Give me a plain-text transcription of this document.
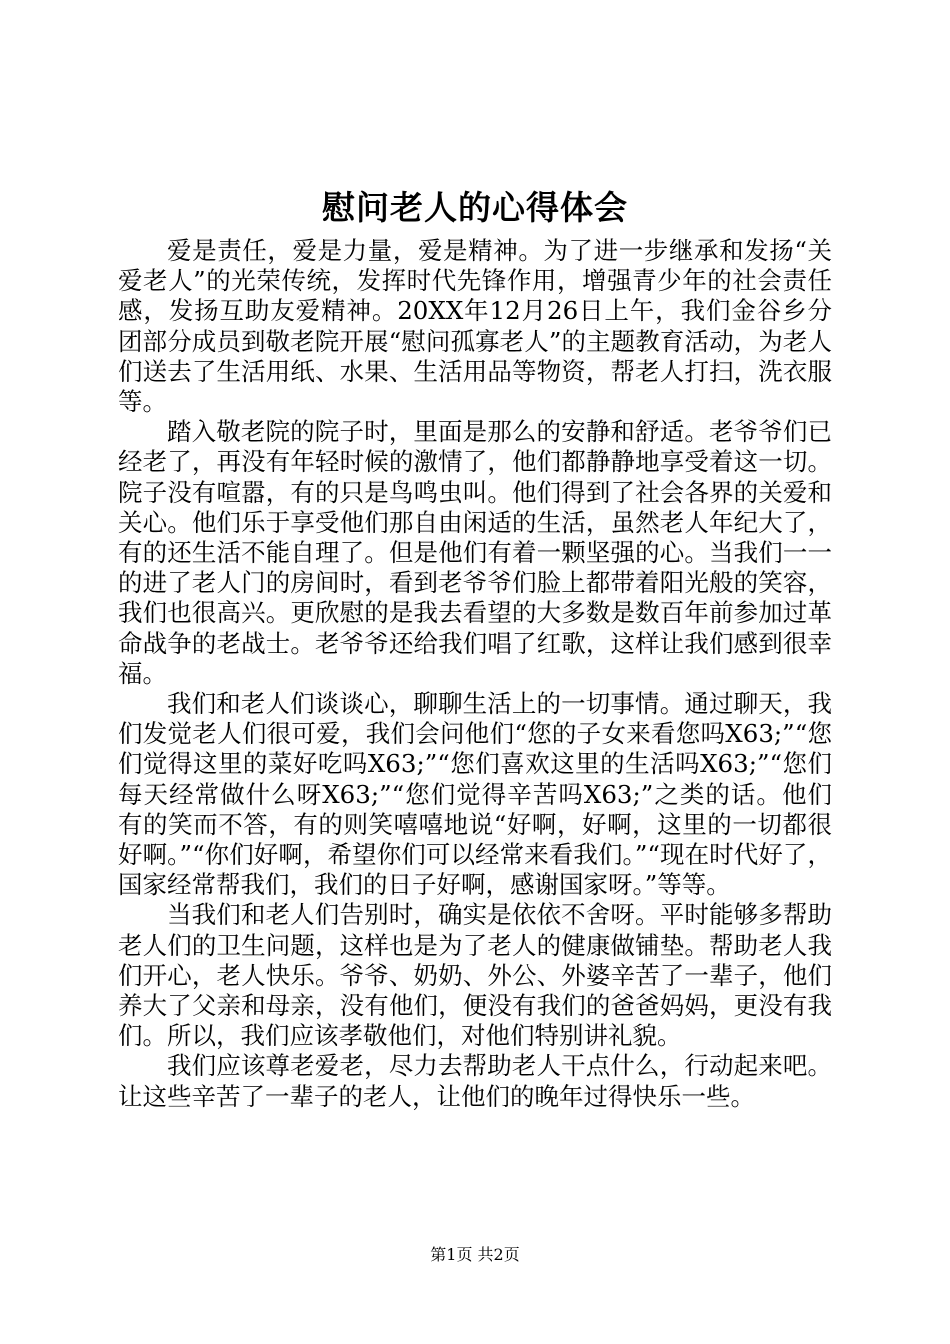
慰问老人的心得体会

爱是责任，爱是力量，爱是精神。为了进一步继承和发扬“关爱老人”的光荣传统，发挥时代先锋作用，增强青少年的社会责任感，发扬互助友爱精神。20XX年12月26日上午，我们金谷乡分团部分成员到敬老院开展“慰问孤寡老人”的主题教育活动，为老人们送去了生活用纸、水果、生活用品等物资，帮老人打扫，洗衣服等。

踏入敬老院的院子时，里面是那么的安静和舒适。老爷爷们已经老了，再没有年轻时候的激情了，他们都静静地享受着这一切。院子没有喧嚣，有的只是鸟鸣虫叫。他们得到了社会各界的关爱和关心。他们乐于享受他们那自由闲适的生活，虽然老人年纪大了，有的还生活不能自理了。但是他们有着一颗坚强的心。当我们一一的进了老人门的房间时，看到老爷爷们脸上都带着阳光般的笑容，我们也很高兴。更欣慰的是我去看望的大多数是数百年前参加过革命战争的老战士。老爷爷还给我们唱了红歌，这样让我们感到很幸福。

我们和老人们谈谈心，聊聊生活上的一切事情。通过聊天，我们发觉老人们很可爱，我们会问他们“您的子女来看您吗X63;”“您们觉得这里的菜好吃吗X63;”“您们喜欢这里的生活吗X63;”“您们每天经常做什么呀X63;”“您们觉得辛苦吗X63;”之类的话。他们有的笑而不答，有的则笑嘻嘻地说“好啊，好啊，这里的一切都很好啊。”“你们好啊，希望你们可以经常来看我们。”“现在时代好了，国家经常帮我们，我们的日子好啊，感谢国家呀。”等等。

当我们和老人们告别时，确实是依依不舍呀。平时能够多帮助老人们的卫生问题，这样也是为了老人的健康做铺垫。帮助老人我们开心，老人快乐。爷爷、奶奶、外公、外婆辛苦了一辈子，他们养大了父亲和母亲，没有他们，便没有我们的爸爸妈妈，更没有我们。所以，我们应该孝敬他们，对他们特别讲礼貌。

我们应该尊老爱老，尽力去帮助老人干点什么，行动起来吧。让这些辛苦了一辈子的老人，让他们的晚年过得快乐一些。

第1页 共2页
